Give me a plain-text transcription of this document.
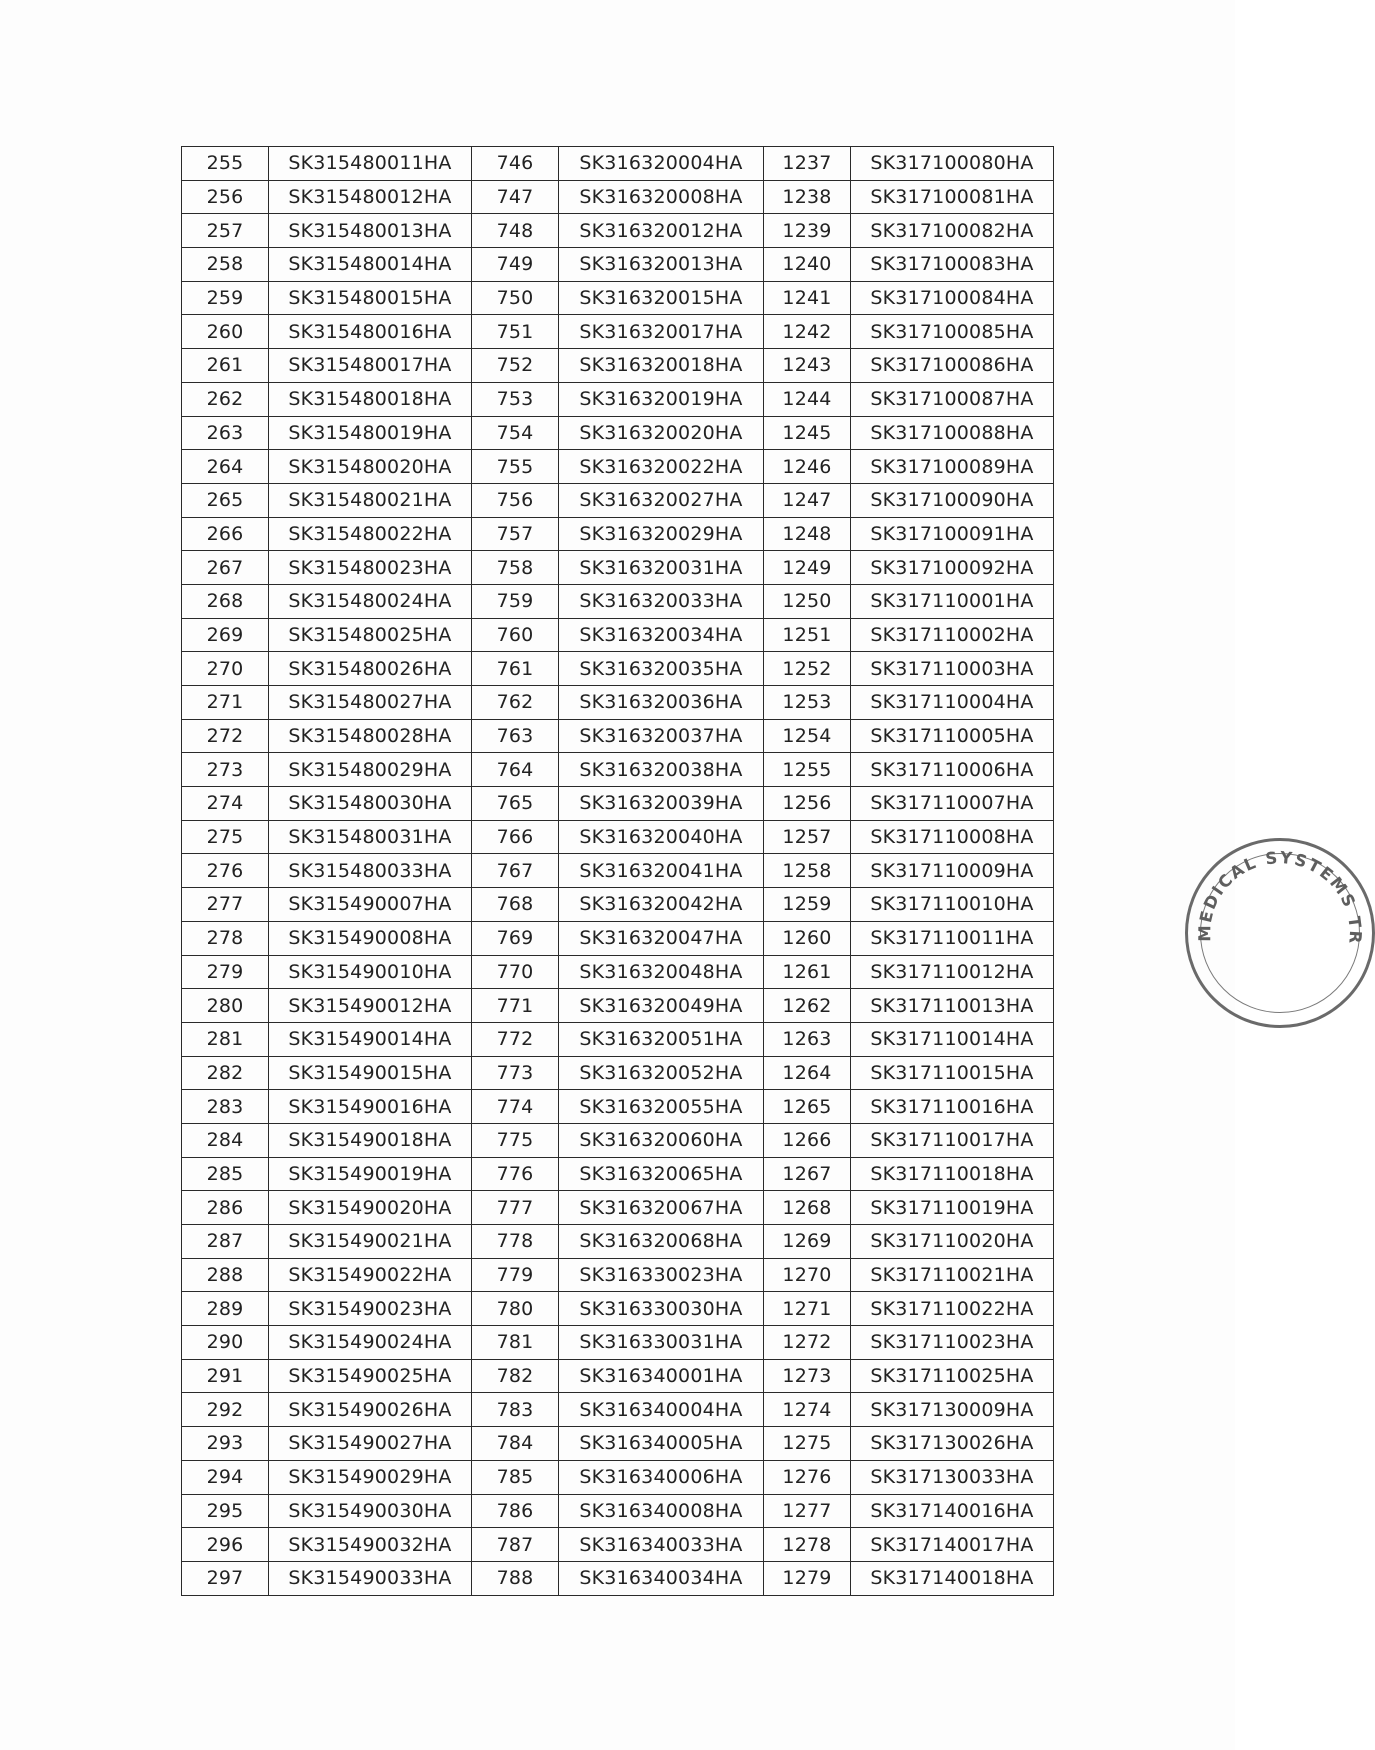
255	SK315480011HA	746	SK316320004HA	1237	SK317100080HA
256	SK315480012HA	747	SK316320008HA	1238	SK317100081HA
257	SK315480013HA	748	SK316320012HA	1239	SK317100082HA
258	SK315480014HA	749	SK316320013HA	1240	SK317100083HA
259	SK315480015HA	750	SK316320015HA	1241	SK317100084HA
260	SK315480016HA	751	SK316320017HA	1242	SK317100085HA
261	SK315480017HA	752	SK316320018HA	1243	SK317100086HA
262	SK315480018HA	753	SK316320019HA	1244	SK317100087HA
263	SK315480019HA	754	SK316320020HA	1245	SK317100088HA
264	SK315480020HA	755	SK316320022HA	1246	SK317100089HA
265	SK315480021HA	756	SK316320027HA	1247	SK317100090HA
266	SK315480022HA	757	SK316320029HA	1248	SK317100091HA
267	SK315480023HA	758	SK316320031HA	1249	SK317100092HA
268	SK315480024HA	759	SK316320033HA	1250	SK317110001HA
269	SK315480025HA	760	SK316320034HA	1251	SK317110002HA
270	SK315480026HA	761	SK316320035HA	1252	SK317110003HA
271	SK315480027HA	762	SK316320036HA	1253	SK317110004HA
272	SK315480028HA	763	SK316320037HA	1254	SK317110005HA
273	SK315480029HA	764	SK316320038HA	1255	SK317110006HA
274	SK315480030HA	765	SK316320039HA	1256	SK317110007HA
275	SK315480031HA	766	SK316320040HA	1257	SK317110008HA
276	SK315480033HA	767	SK316320041HA	1258	SK317110009HA
277	SK315490007HA	768	SK316320042HA	1259	SK317110010HA
278	SK315490008HA	769	SK316320047HA	1260	SK317110011HA
279	SK315490010HA	770	SK316320048HA	1261	SK317110012HA
280	SK315490012HA	771	SK316320049HA	1262	SK317110013HA
281	SK315490014HA	772	SK316320051HA	1263	SK317110014HA
282	SK315490015HA	773	SK316320052HA	1264	SK317110015HA
283	SK315490016HA	774	SK316320055HA	1265	SK317110016HA
284	SK315490018HA	775	SK316320060HA	1266	SK317110017HA
285	SK315490019HA	776	SK316320065HA	1267	SK317110018HA
286	SK315490020HA	777	SK316320067HA	1268	SK317110019HA
287	SK315490021HA	778	SK316320068HA	1269	SK317110020HA
288	SK315490022HA	779	SK316330023HA	1270	SK317110021HA
289	SK315490023HA	780	SK316330030HA	1271	SK317110022HA
290	SK315490024HA	781	SK316330031HA	1272	SK317110023HA
291	SK315490025HA	782	SK316340001HA	1273	SK317110025HA
292	SK315490026HA	783	SK316340004HA	1274	SK317130009HA
293	SK315490027HA	784	SK316340005HA	1275	SK317130026HA
294	SK315490029HA	785	SK316340006HA	1276	SK317130033HA
295	SK315490030HA	786	SK316340008HA	1277	SK317140016HA
296	SK315490032HA	787	SK316340033HA	1278	SK317140017HA
297	SK315490033HA	788	SK316340034HA	1279	SK317140018HA
MEDICAL SYSTEMS TR
